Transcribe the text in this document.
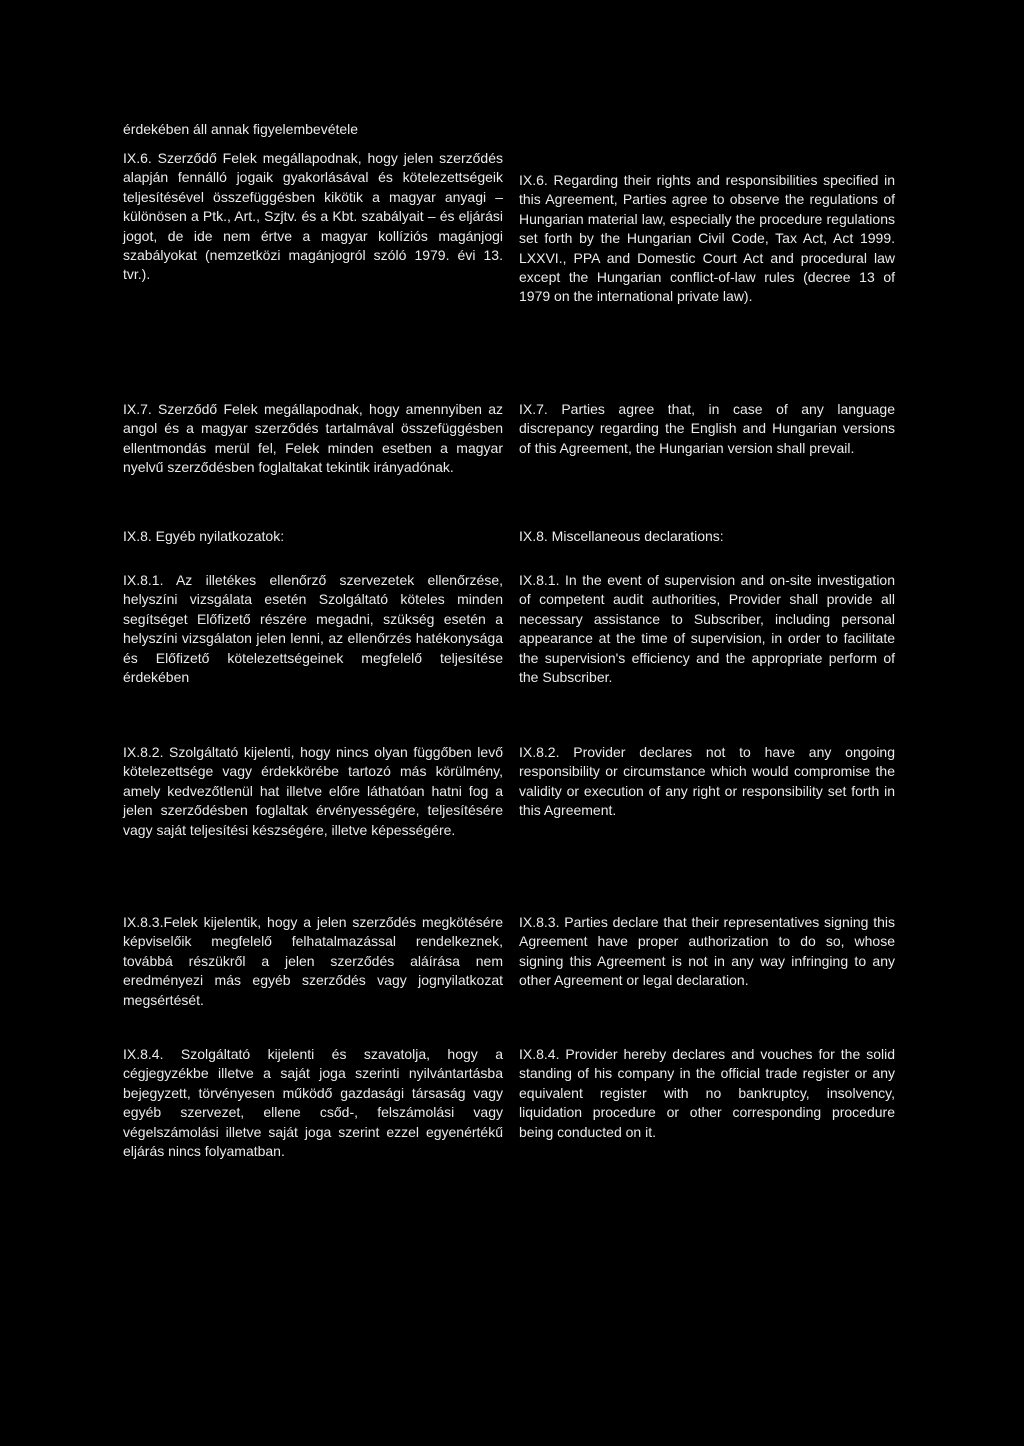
érdekében áll annak figyelembevétele

IX.6. Szerződő Felek megállapodnak, hogy jelen szerződés alapján fennálló jogaik gyakorlásával és kötelezettségeik teljesítésével összefüggésben kikötik a magyar anyagi – különösen a Ptk., Art., Szjtv. és a Kbt. szabályait – és eljárási jogot, de ide nem értve a magyar kollíziós magánjogi szabályokat (nemzetközi magánjogról szóló 1979. évi 13. tvr.).

IX.6. Regarding their rights and responsibilities specified in this Agreement, Parties agree to observe the regulations of Hungarian material law, especially the procedure regulations set forth by the Hungarian Civil Code, Tax Act, Act 1999. LXXVI., PPA and Domestic Court Act and procedural law except the Hungarian conflict-of-law rules (decree 13 of 1979 on the international private law).

IX.7. Szerződő Felek megállapodnak, hogy amennyiben az angol és a magyar szerződés tartalmával összefüggésben ellentmondás merül fel, Felek minden esetben a magyar nyelvű szerződésben foglaltakat tekintik irányadónak.

IX.7. Parties agree that, in case of any language discrepancy regarding the English and Hungarian versions of this Agreement, the Hungarian version shall prevail.

IX.8. Egyéb nyilatkozatok:	IX.8. Miscellaneous declarations:

IX.8.1. Az illetékes ellenőrző szervezetek ellenőrzése, helyszíni vizsgálata esetén Szolgáltató köteles minden segítséget Előfizető részére megadni, szükség esetén a helyszíni vizsgálaton jelen lenni, az ellenőrzés hatékonysága és Előfizető kötelezettségeinek megfelelő teljesítése érdekében

IX.8.1. In the event of supervision and on-site investigation of competent audit authorities, Provider shall provide all necessary assistance to Subscriber, including personal appearance at the time of supervision, in order to facilitate the supervision's efficiency and the appropriate perform of the Subscriber.

IX.8.2. Szolgáltató kijelenti, hogy nincs olyan függőben levő kötelezettsége vagy érdekkörébe tartozó más körülmény, amely kedvezőtlenül hat illetve előre láthatóan hatni fog a jelen szerződésben foglaltak érvényességére, teljesítésére vagy saját teljesítési készségére, illetve képességére.

IX.8.2. Provider declares not to have any ongoing responsibility or circumstance which would compromise the validity or execution of any right or responsibility set forth in this Agreement.

IX.8.3.Felek kijelentik, hogy a jelen szerződés megkötésére képviselőik megfelelő felhatalmazással rendelkeznek, továbbá részükről a jelen szerződés aláírása nem eredményezi más egyéb szerződés vagy jognyilatkozat megsértését.

IX.8.3. Parties declare that their representatives signing this Agreement have proper authorization to do so, whose signing this Agreement is not in any way infringing to any other Agreement or legal declaration.

IX.8.4. Szolgáltató kijelenti és szavatolja, hogy a cégjegyzékbe illetve a saját joga szerinti nyilvántartásba bejegyzett, törvényesen működő gazdasági társaság vagy egyéb szervezet, ellene csőd-, felszámolási vagy végelszámolási illetve saját joga szerint ezzel egyenértékű eljárás nincs folyamatban.

IX.8.4. Provider hereby declares and vouches for the solid standing of his company in the official trade register or any equivalent register with no bankruptcy, insolvency, liquidation procedure or other corresponding procedure being conducted on it.
